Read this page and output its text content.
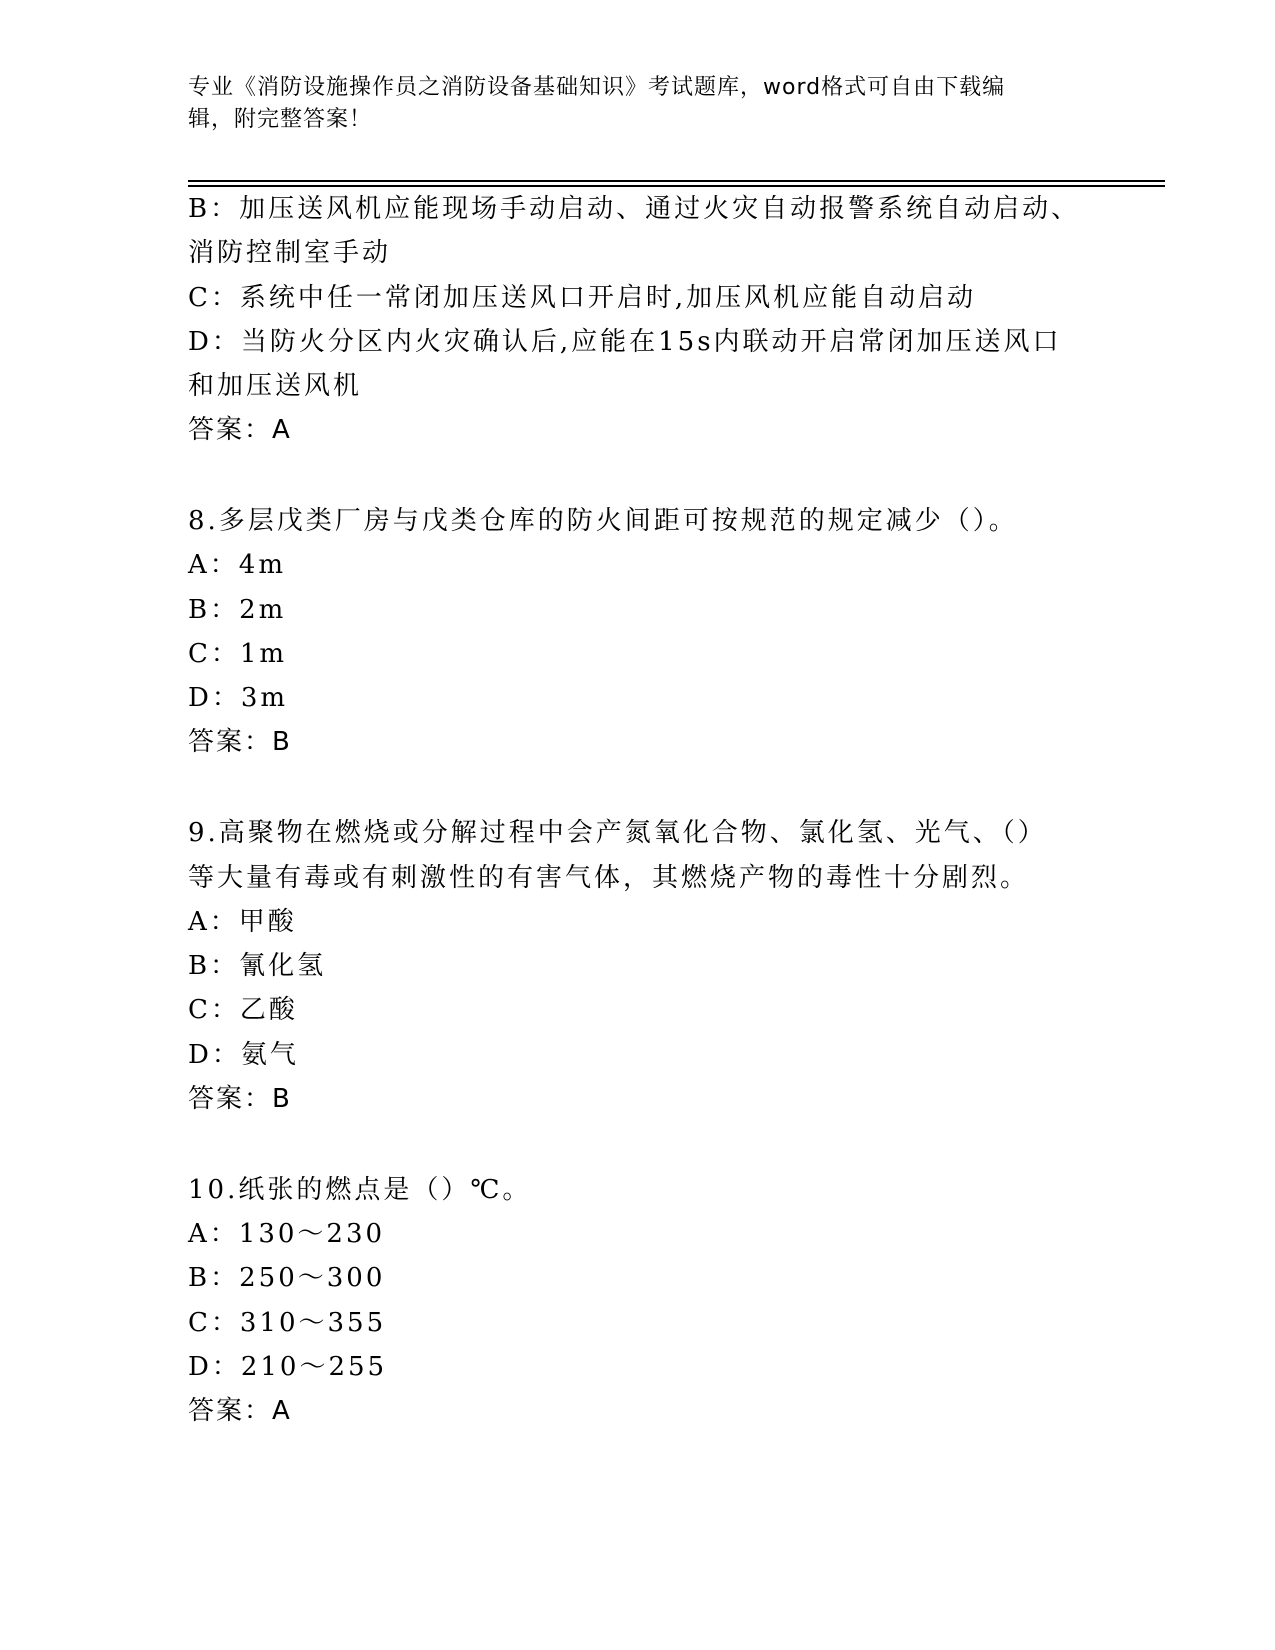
专业《消防设施操作员之消防设备基础知识》考试题库，word格式可自由下载编
辑，附完整答案！
B：加压送风机应能现场手动启动、通过火灾自动报警系统自动启动、
消防控制室手动
C：系统中任一常闭加压送风口开启时,加压风机应能自动启动
D：当防火分区内火灾确认后,应能在15s内联动开启常闭加压送风口
和加压送风机
答案：A
8.多层戊类厂房与戊类仓库的防火间距可按规范的规定减少（）。
A：4m
B：2m
C：1m
D：3m
答案：B
9.高聚物在燃烧或分解过程中会产氮氧化合物、氯化氢、光气、（）
等大量有毒或有刺激性的有害气体，其燃烧产物的毒性十分剧烈。
A：甲酸
B：氰化氢
C：乙酸
D：氨气
答案：B
10.纸张的燃点是（）℃。
A：130～230
B：250～300
C：310～355
D：210～255
答案：A
